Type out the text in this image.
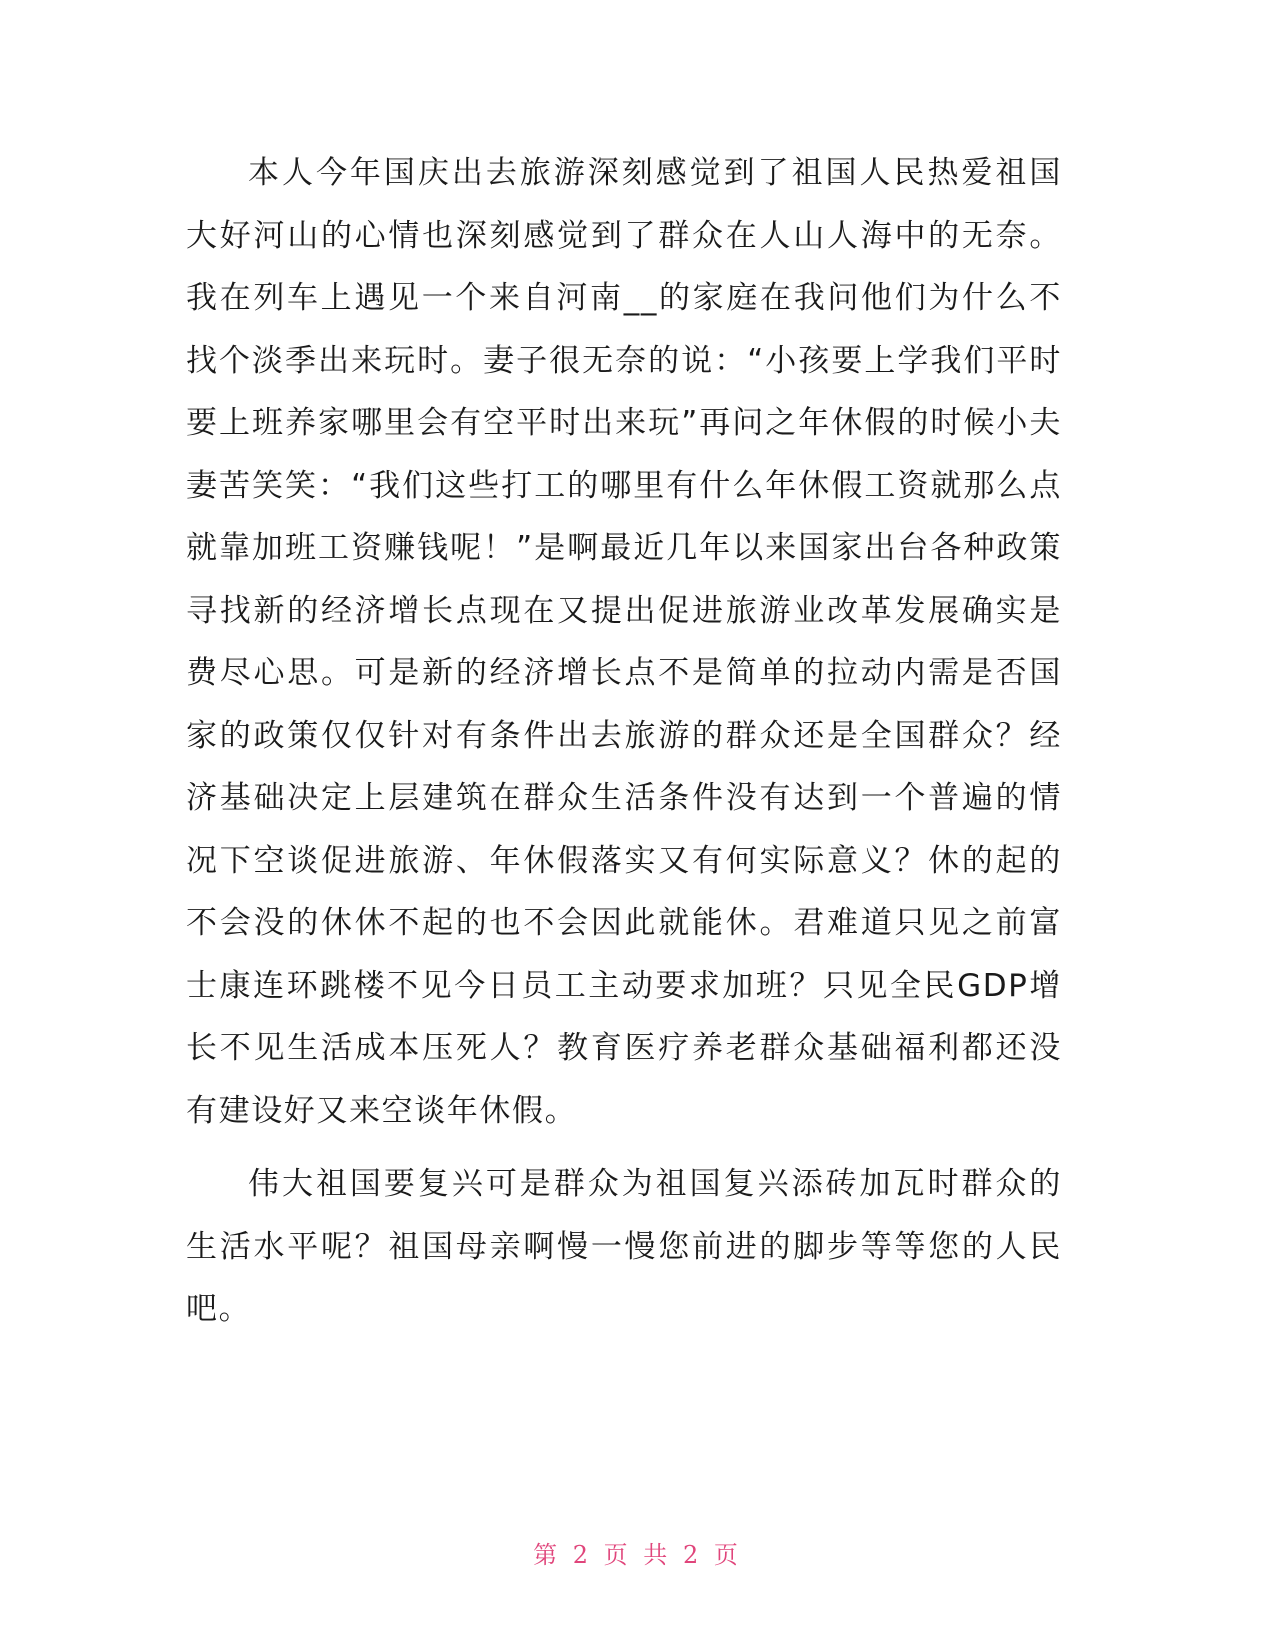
本人今年国庆出去旅游深刻感觉到了祖国人民热爱祖国大好河山的心情也深刻感觉到了群众在人山人海中的无奈。我在列车上遇见一个来自河南__的家庭在我问他们为什么不找个淡季出来玩时。妻子很无奈的说：“小孩要上学我们平时要上班养家哪里会有空平时出来玩”再问之年休假的时候小夫妻苦笑笑：“我们这些打工的哪里有什么年休假工资就那么点就靠加班工资赚钱呢！”是啊最近几年以来国家出台各种政策寻找新的经济增长点现在又提出促进旅游业改革发展确实是费尽心思。可是新的经济增长点不是简单的拉动内需是否国家的政策仅仅针对有条件出去旅游的群众还是全国群众？经济基础决定上层建筑在群众生活条件没有达到一个普遍的情况下空谈促进旅游、年休假落实又有何实际意义？休的起的不会没的休休不起的也不会因此就能休。君难道只见之前富士康连环跳楼不见今日员工主动要求加班？只见全民GDP增长不见生活成本压死人？教育医疗养老群众基础福利都还没有建设好又来空谈年休假。

伟大祖国要复兴可是群众为祖国复兴添砖加瓦时群众的生活水平呢？祖国母亲啊慢一慢您前进的脚步等等您的人民吧。

第 2 页 共 2 页
